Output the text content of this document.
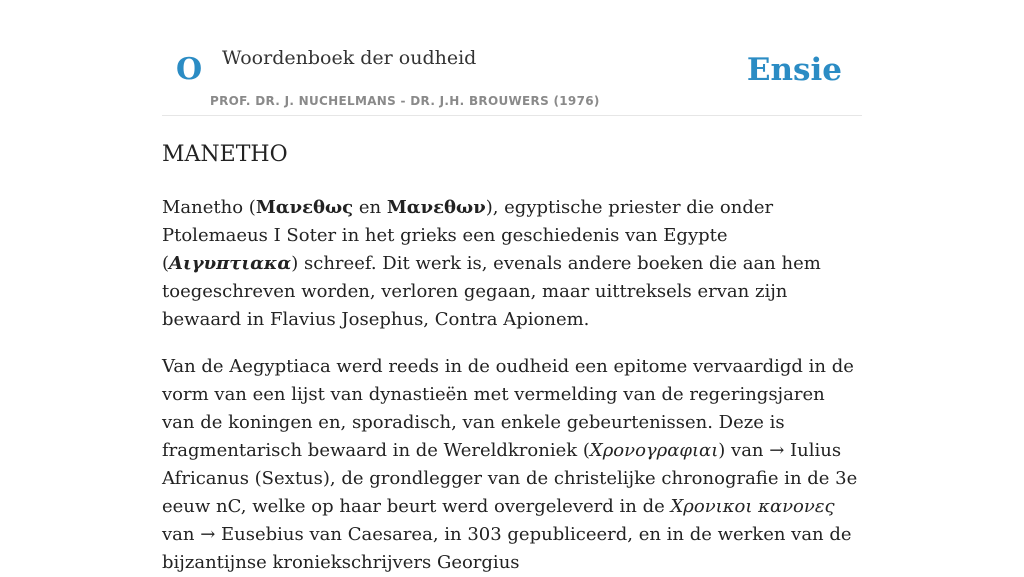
O Woordenboek der oudheid
PROF. DR. J. NUCHELMANS - DR. J.H. BROUWERS (1976)
Ensie
MANETHO

Manetho (Μανεθως en Μανεθων), egyptische priester die onder Ptolemaeus I Soter in het grieks een geschiedenis van Egypte (Αιγυπτιακα) schreef. Dit werk is, evenals andere boeken die aan hem toegeschreven worden, verloren gegaan, maar uittreksels ervan zijn bewaard in Flavius Josephus, Contra Apionem.

Van de Aegyptiaca werd reeds in de oudheid een epitome vervaardigd in de vorm van een lijst van dynastieën met vermelding van de regeringsjaren van de koningen en, sporadisch, van enkele gebeurtenissen. Deze is fragmentarisch bewaard in de Wereldkroniek (Χρονογραφιαι) van → Iulius Africanus (Sextus), de grondlegger van de christelijke chronografie in de 3e eeuw nC, welke op haar beurt werd overgeleverd in de Χρονικοι κανονες van → Eusebius van Caesarea, in 303 gepubliceerd, en in de werken van de bijzantijnse kroniekschrijvers Georgius
